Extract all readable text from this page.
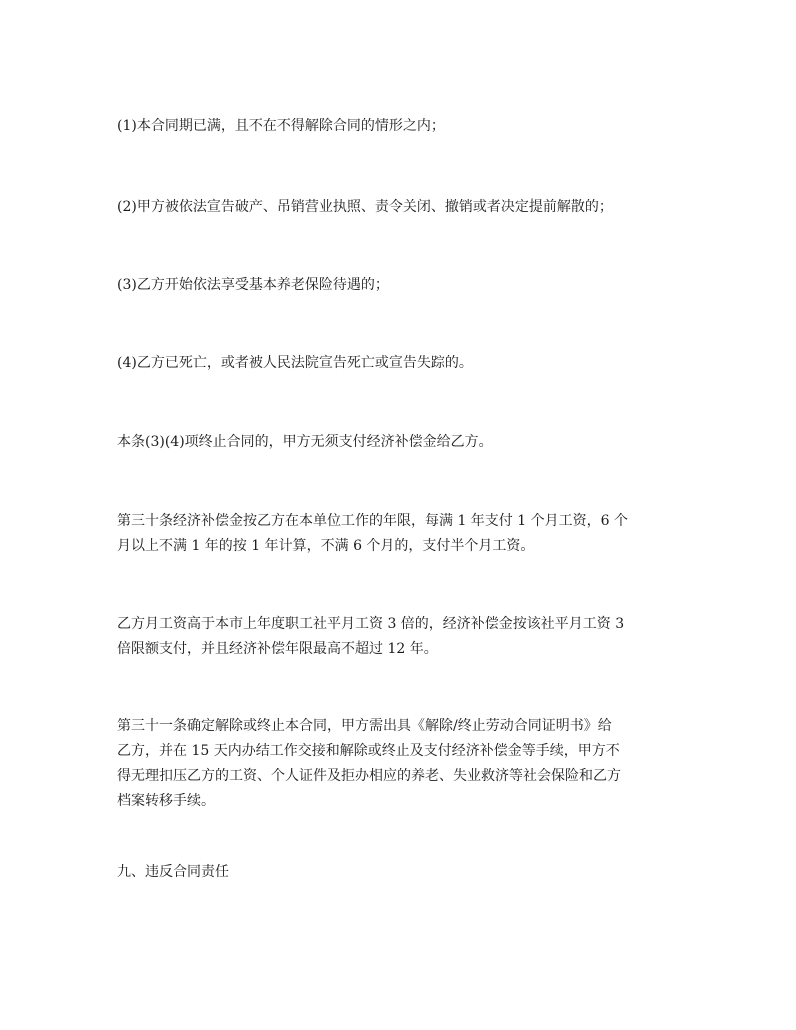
(1)本合同期已满，且不在不得解除合同的情形之内；

(2)甲方被依法宣告破产、吊销营业执照、责令关闭、撤销或者决定提前解散的；

(3)乙方开始依法享受基本养老保险待遇的；

(4)乙方已死亡，或者被人民法院宣告死亡或宣告失踪的。

本条(3)(4)项终止合同的，甲方无须支付经济补偿金给乙方。

第三十条经济补偿金按乙方在本单位工作的年限，每满 1 年支付 1 个月工资，6 个
月以上不满 1 年的按 1 年计算，不满 6 个月的，支付半个月工资。

乙方月工资高于本市上年度职工社平月工资 3 倍的，经济补偿金按该社平月工资 3
倍限额支付，并且经济补偿年限最高不超过 12 年。

第三十一条确定解除或终止本合同，甲方需出具《解除/终止劳动合同证明书》给
乙方，并在 15 天内办结工作交接和解除或终止及支付经济补偿金等手续，甲方不
得无理扣压乙方的工资、个人证件及拒办相应的养老、失业救济等社会保险和乙方
档案转移手续。

九、违反合同责任
